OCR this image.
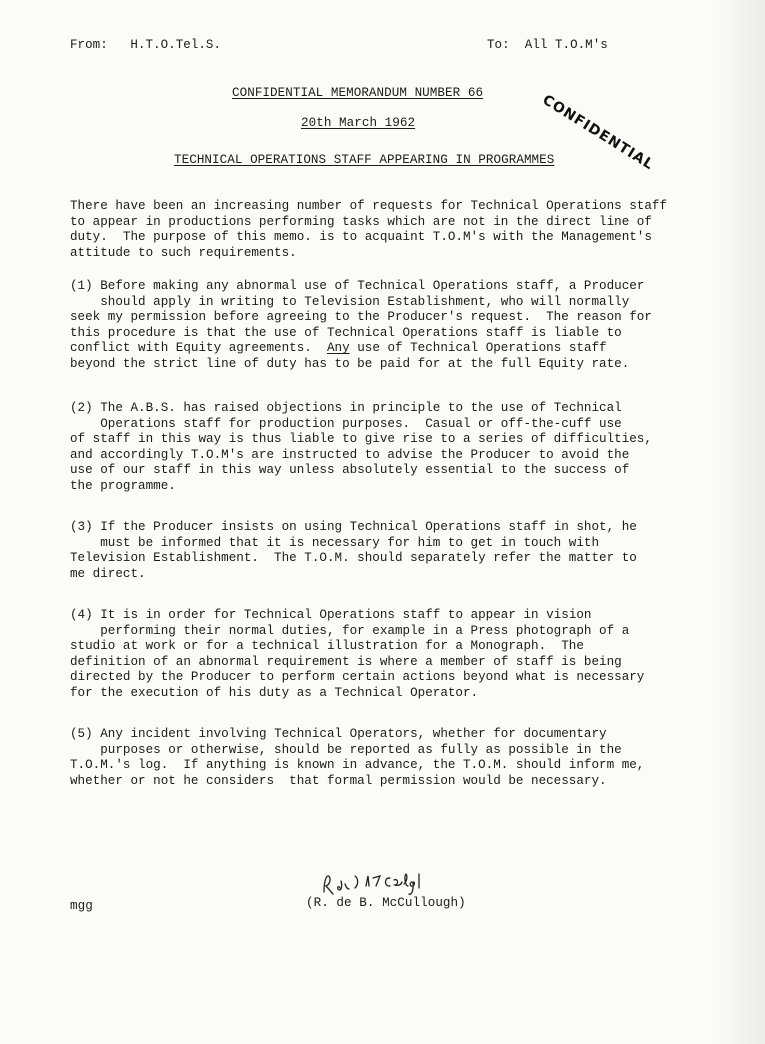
From:   H.T.O.Tel.S.	To:  All T.O.M's
CONFIDENTIAL MEMORANDUM NUMBER 66
20th March 1962
TECHNICAL OPERATIONS STAFF APPEARING IN PROGRAMMES
CONFIDENTIAL
There have been an increasing number of requests for Technical Operations staff
to appear in productions performing tasks which are not in the direct line of
duty.  The purpose of this memo. is to acquaint T.O.M's with the Management's
attitude to such requirements.
(1) Before making any abnormal use of Technical Operations staff, a Producer
should apply in writing to Television Establishment, who will normally
seek my permission before agreeing to the Producer's request.  The reason for
this procedure is that the use of Technical Operations staff is liable to
conflict with Equity agreements.  Any use of Technical Operations staff
beyond the strict line of duty has to be paid for at the full Equity rate.
(2) The A.B.S. has raised objections in principle to the use of Technical
Operations staff for production purposes.  Casual or off-the-cuff use
of staff in this way is thus liable to give rise to a series of difficulties,
and accordingly T.O.M's are instructed to advise the Producer to avoid the
use of our staff in this way unless absolutely essential to the success of
the programme.
(3) If the Producer insists on using Technical Operations staff in shot, he
must be informed that it is necessary for him to get in touch with
Television Establishment.  The T.O.M. should separately refer the matter to
me direct.
(4) It is in order for Technical Operations staff to appear in vision
performing their normal duties, for example in a Press photograph of a
studio at work or for a technical illustration for a Monograph.  The
definition of an abnormal requirement is where a member of staff is being
directed by the Producer to perform certain actions beyond what is necessary
for the execution of his duty as a Technical Operator.
(5) Any incident involving Technical Operators, whether for documentary
purposes or otherwise, should be reported as fully as possible in the
T.O.M.'s log.  If anything is known in advance, the T.O.M. should inform me,
whether or not he considers  that formal permission would be necessary.
mgg	(R. de B. McCullough)
